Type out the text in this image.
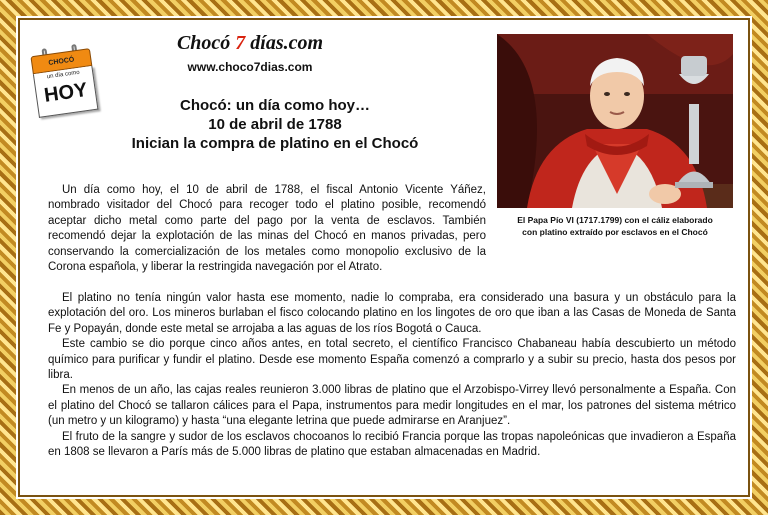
CHOCÓ
un día como
HOY
Chocó 7 días.com
www.choco7dias.com
Chocó: un día como hoy…
10 de abril de 1788
Inician la compra de platino en el Chocó
El Papa Pío VI (1717.1799) con el cáliz elaborado
con platino extraído por esclavos en el Chocó
Un día como hoy, el 10 de abril de 1788, el fiscal Antonio Vicente Yáñez, nombrado visitador del Chocó para recoger todo el platino posible, recomendó aceptar dicho metal como parte del pago por la venta de esclavos. También recomendó dejar la explotación de las minas del Chocó en manos privadas, pero conservando la comercialización de los metales como monopolio exclusivo de la Corona española, y liberar la restringida navegación por el Atrato.

El platino no tenía ningún valor hasta ese momento, nadie lo compraba, era considerado una basura y un obstáculo para la explotación del oro. Los mineros burlaban el fisco colocando platino en los lingotes de oro que iban a las Casas de Moneda de Santa Fe y Popayán, donde este metal se arrojaba a las aguas de los ríos Bogotá o Cauca.

Este cambio se dio porque cinco años antes, en total secreto, el científico Francisco Chabaneau había descubierto un método químico para purificar y fundir el platino. Desde ese momento España comenzó a comprarlo y a subir su precio, hasta dos pesos por libra.

En menos de un año, las cajas reales reunieron 3.000 libras de platino que el Arzobispo-Virrey llevó personalmente a España. Con el platino del Chocó se tallaron cálices para el Papa, instrumentos para medir longitudes en el mar, los patrones del sistema métrico (un metro y un kilogramo) y hasta “una elegante letrina que puede admirarse en Aranjuez”.

El fruto de la sangre y sudor de los esclavos chocoanos lo recibió Francia porque las tropas napoleónicas que invadieron a España en 1808 se llevaron a París más de 5.000 libras de platino que estaban almacenadas en Madrid.
